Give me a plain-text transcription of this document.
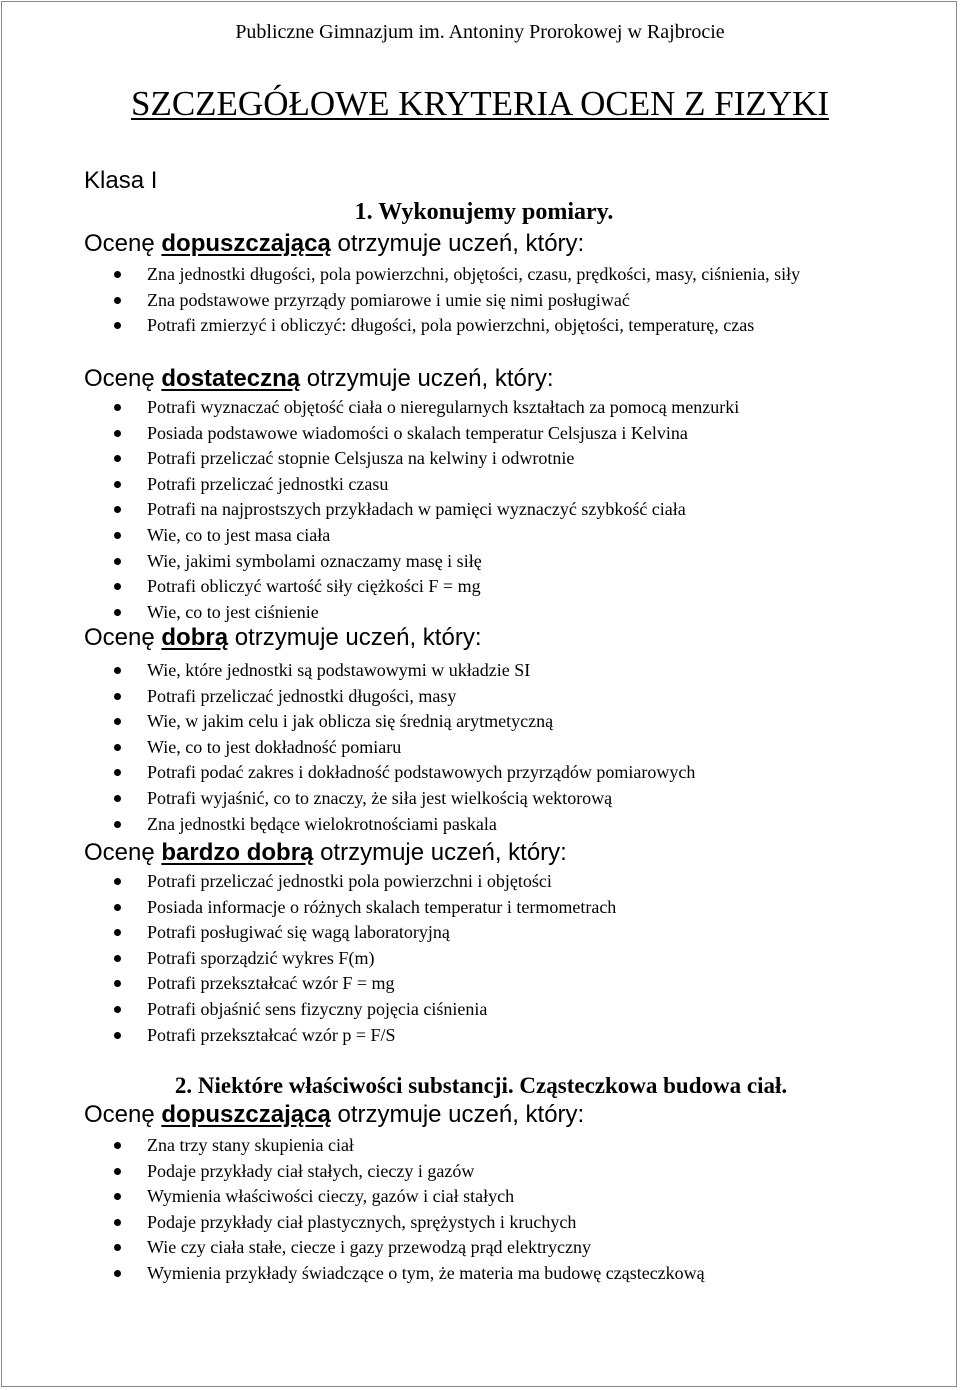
Publiczne Gimnazjum im. Antoniny Prorokowej w Rajbrocie
SZCZEGÓŁOWE KRYTERIA OCEN Z FIZYKI
Klasa I
1. Wykonujemy pomiary.
Ocenę dopuszczającą otrzymuje uczeń, który:
Zna jednostki długości, pola powierzchni, objętości, czasu, prędkości, masy, ciśnienia, siły
Zna podstawowe przyrządy pomiarowe i umie się nimi posługiwać
Potrafi zmierzyć i obliczyć: długości, pola powierzchni, objętości, temperaturę, czas
Ocenę dostateczną otrzymuje uczeń, który:
Potrafi wyznaczać objętość ciała o nieregularnych kształtach za pomocą menzurki
Posiada podstawowe wiadomości o skalach temperatur Celsjusza i Kelvina
Potrafi przeliczać stopnie Celsjusza na kelwiny i odwrotnie
Potrafi przeliczać jednostki czasu
Potrafi na najprostszych przykładach w pamięci wyznaczyć szybkość ciała
Wie, co to jest masa ciała
Wie, jakimi symbolami oznaczamy masę i siłę
Potrafi obliczyć wartość siły ciężkości F = mg
Wie, co to jest ciśnienie
Ocenę dobrą otrzymuje uczeń, który:
Wie, które jednostki są podstawowymi w układzie SI
Potrafi przeliczać jednostki długości, masy
Wie, w jakim celu i jak oblicza się średnią arytmetyczną
Wie, co to jest dokładność pomiaru
Potrafi podać zakres i dokładność podstawowych przyrządów pomiarowych
Potrafi wyjaśnić, co to znaczy, że siła jest wielkością wektorową
Zna jednostki będące wielokrotnościami paskala
Ocenę bardzo dobrą otrzymuje uczeń, który:
Potrafi przeliczać jednostki pola powierzchni i objętości
Posiada informacje o różnych skalach temperatur i termometrach
Potrafi posługiwać się wagą laboratoryjną
Potrafi sporządzić wykres F(m)
Potrafi przekształcać wzór F = mg
Potrafi objaśnić sens fizyczny pojęcia ciśnienia
Potrafi przekształcać wzór p = F/S
2. Niektóre właściwości substancji. Cząsteczkowa budowa ciał.
Ocenę dopuszczającą otrzymuje uczeń, który:
Zna trzy stany skupienia ciał
Podaje przykłady ciał stałych, cieczy i gazów
Wymienia właściwości cieczy, gazów i ciał stałych
Podaje przykłady ciał plastycznych, sprężystych i kruchych
Wie czy ciała stałe, ciecze i gazy przewodzą prąd elektryczny
Wymienia przykłady świadczące o tym, że materia ma budowę cząsteczkową
